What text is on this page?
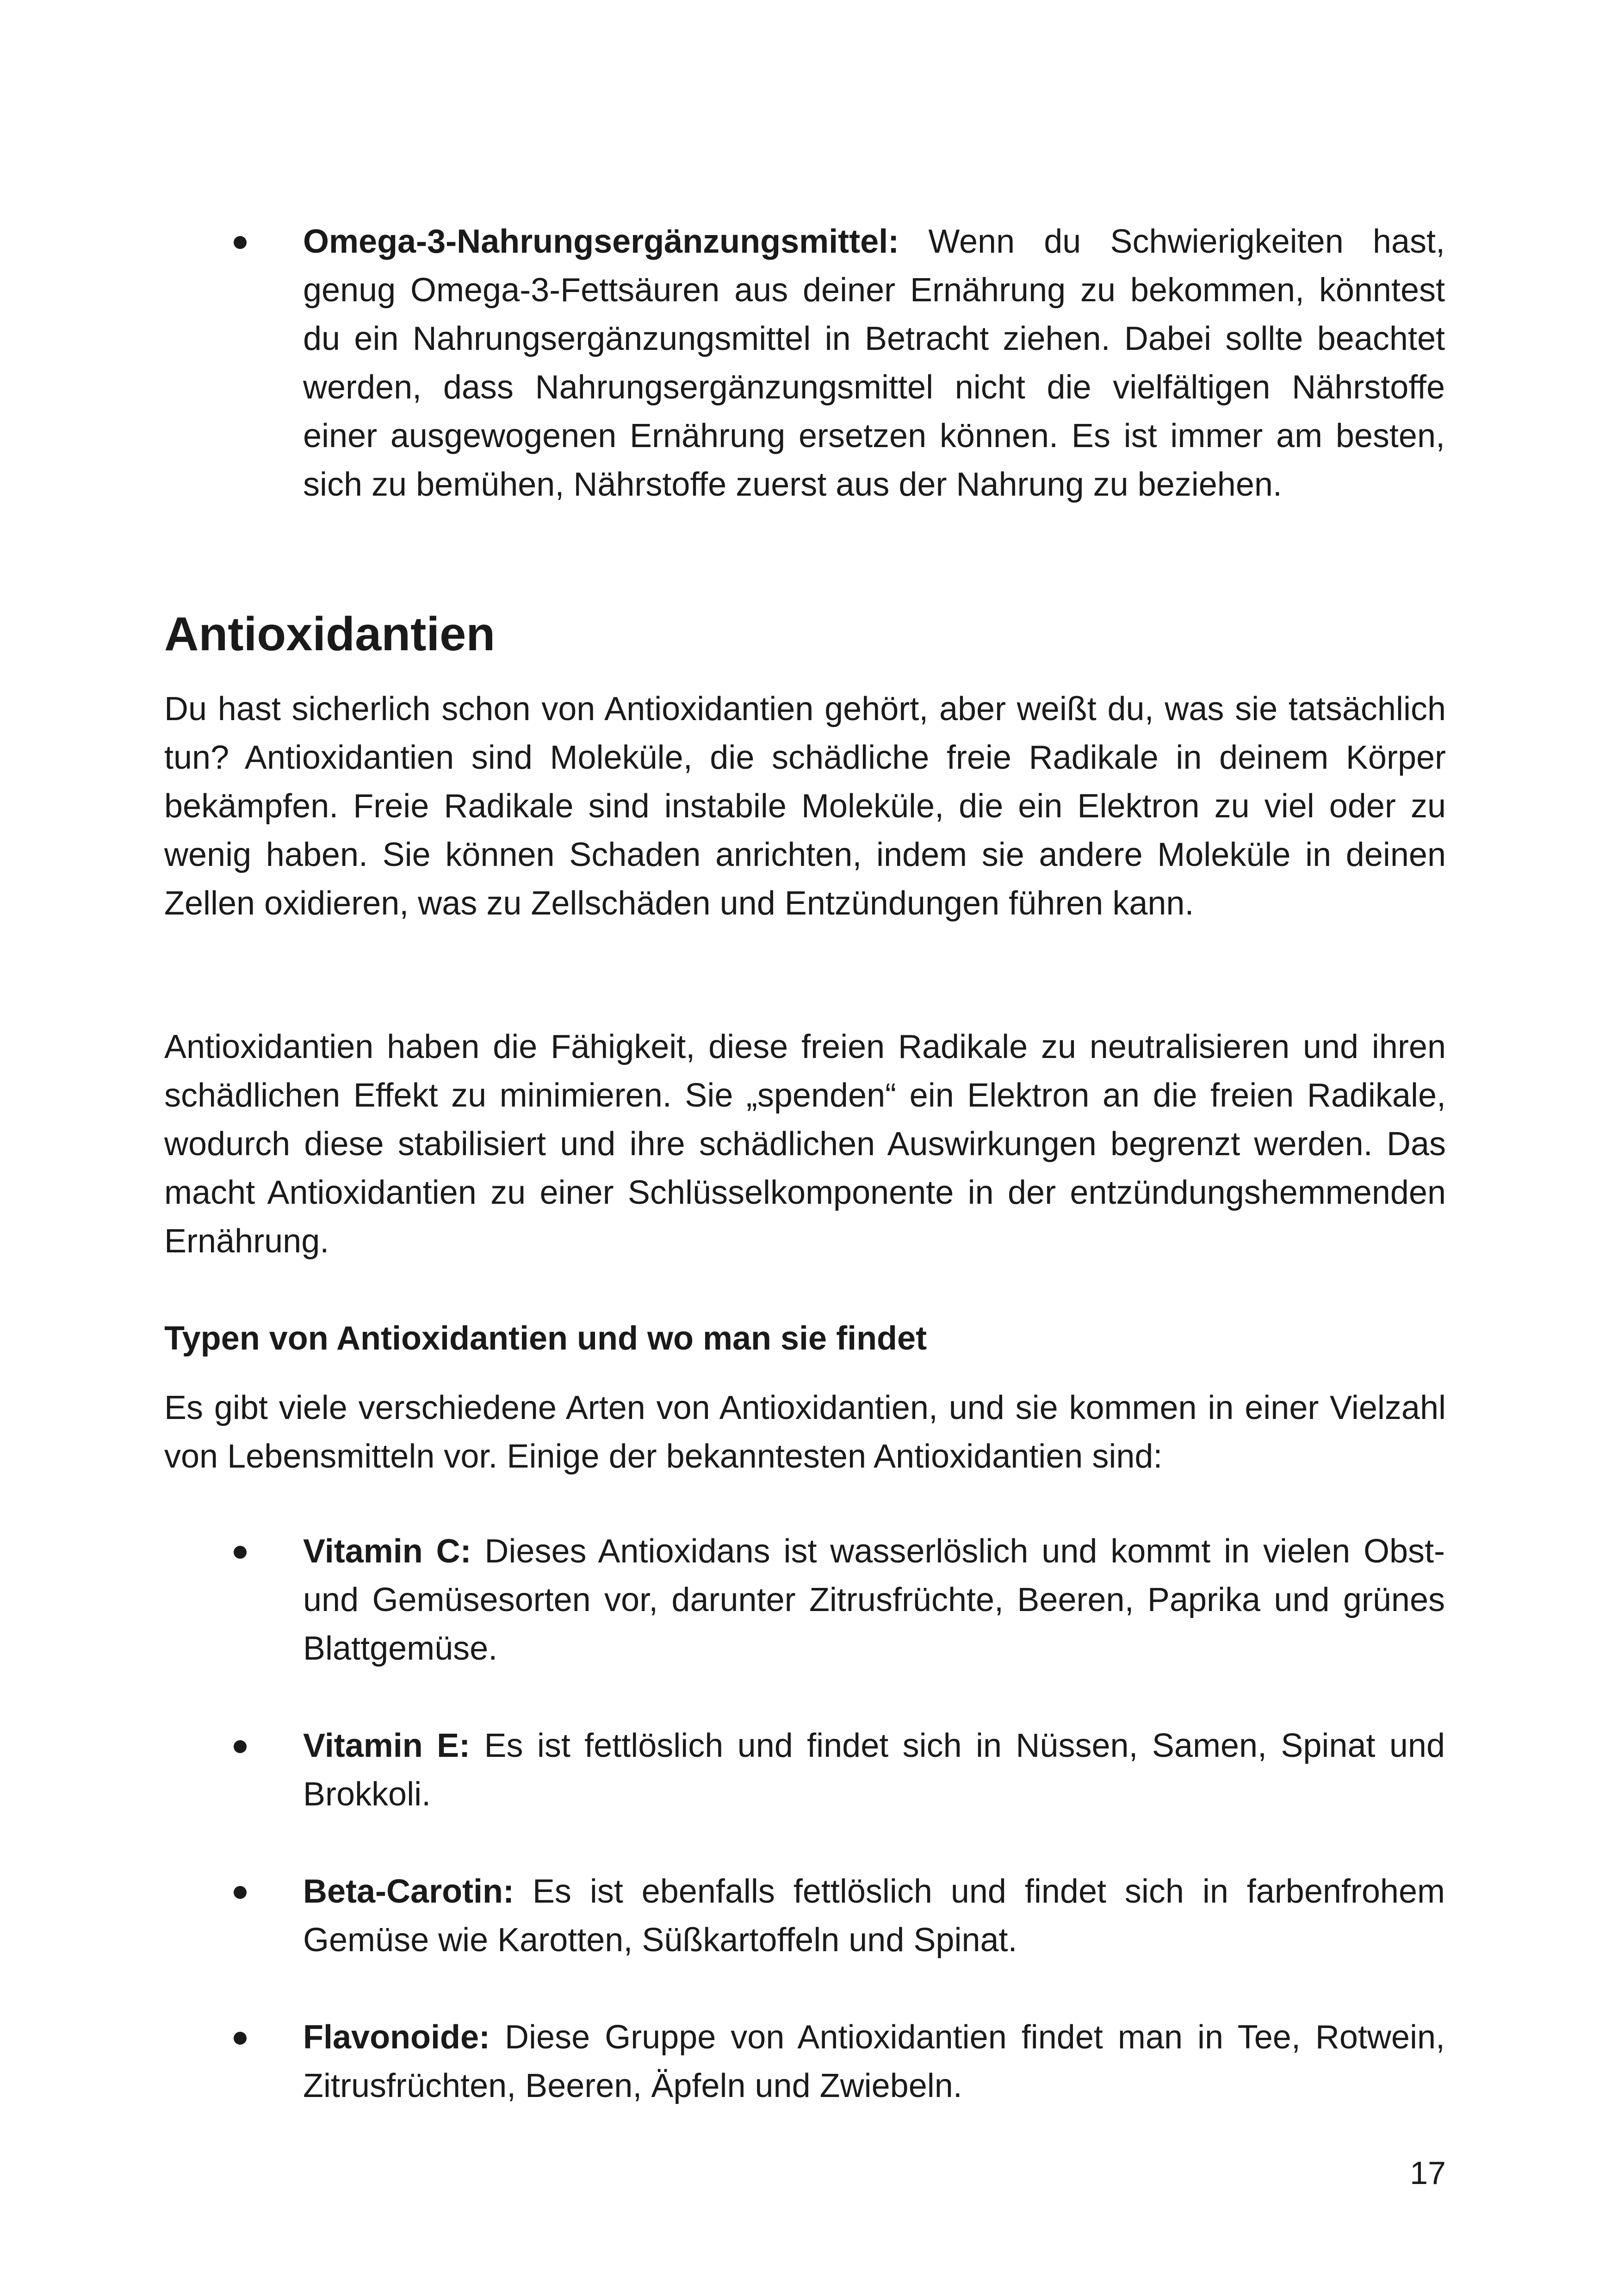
Omega-3-Nahrungsergänzungsmittel: Wenn du Schwierigkeiten hast, genug Omega-3-Fettsäuren aus deiner Ernährung zu bekommen, könntest du ein Nahrungsergänzungsmittel in Betracht ziehen. Dabei sollte beachtet werden, dass Nahrungsergänzungsmittel nicht die vielfältigen Nährstoffe einer ausgewogenen Ernährung ersetzen können. Es ist immer am besten, sich zu bemühen, Nährstoffe zuerst aus der Nahrung zu beziehen.

Antioxidantien

Du hast sicherlich schon von Antioxidantien gehört, aber weißt du, was sie tatsächlich tun? Antioxidantien sind Moleküle, die schädliche freie Radikale in deinem Körper bekämpfen. Freie Radikale sind instabile Moleküle, die ein Elektron zu viel oder zu wenig haben. Sie können Schaden anrichten, indem sie andere Moleküle in deinen Zellen oxidieren, was zu Zellschäden und Entzündungen führen kann.

Antioxidantien haben die Fähigkeit, diese freien Radikale zu neutralisieren und ihren schädlichen Effekt zu minimieren. Sie „spenden“ ein Elektron an die freien Radikale, wodurch diese stabilisiert und ihre schädlichen Auswirkungen begrenzt werden. Das macht Antioxidantien zu einer Schlüsselkomponente in der entzündungshemmenden Ernährung.

Typen von Antioxidantien und wo man sie findet

Es gibt viele verschiedene Arten von Antioxidantien, und sie kommen in einer Vielzahl von Lebensmitteln vor. Einige der bekanntesten Antioxidantien sind:

Vitamin C: Dieses Antioxidans ist wasserlöslich und kommt in vielen Obst- und Gemüsesorten vor, darunter Zitrusfrüchte, Beeren, Paprika und grünes Blattgemüse.

Vitamin E: Es ist fettlöslich und findet sich in Nüssen, Samen, Spinat und Brokkoli.

Beta-Carotin: Es ist ebenfalls fettlöslich und findet sich in farbenfrohem Gemüse wie Karotten, Süßkartoffeln und Spinat.

Flavonoide: Diese Gruppe von Antioxidantien findet man in Tee, Rotwein, Zitrusfrüchten, Beeren, Äpfeln und Zwiebeln.

17
